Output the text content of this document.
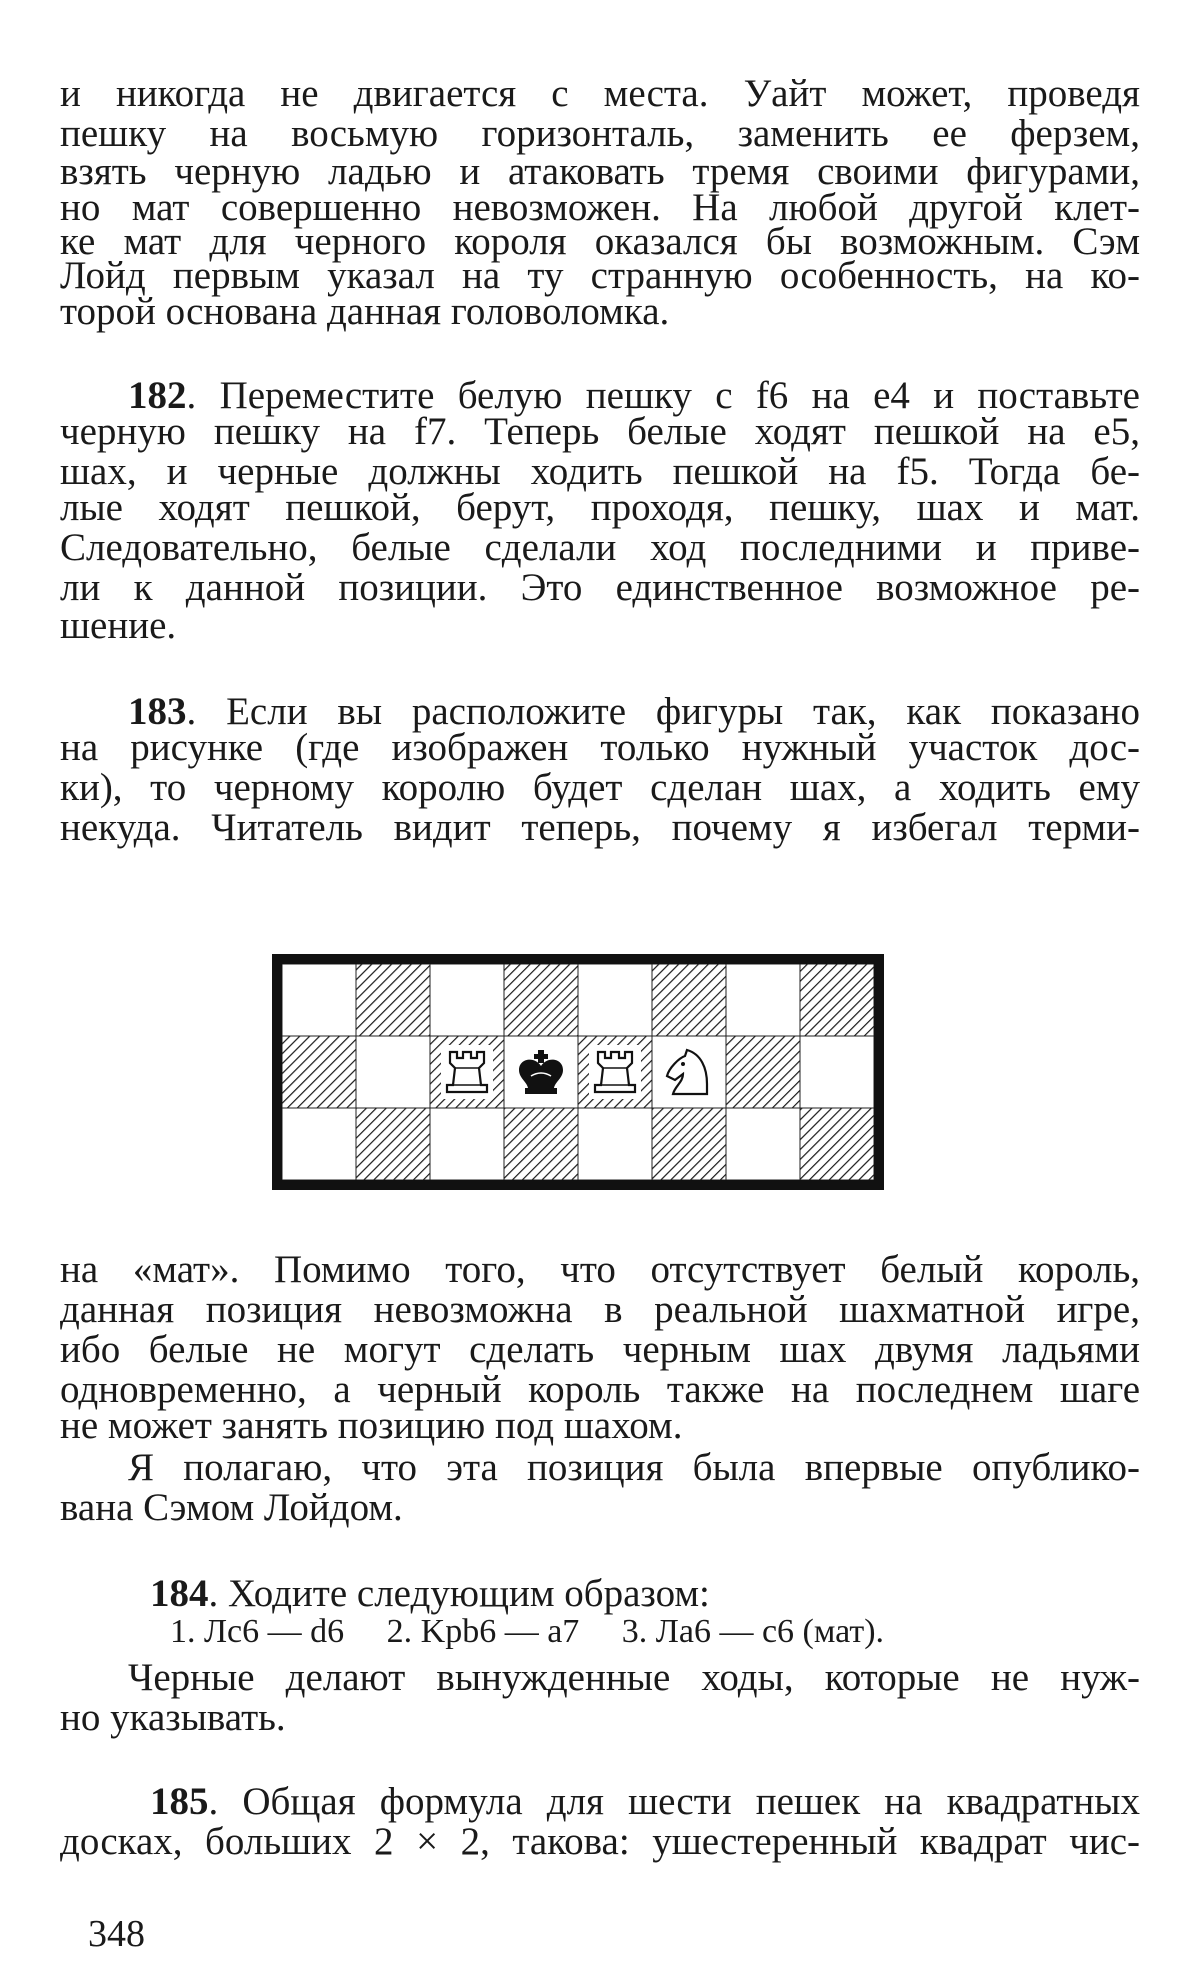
и никогда не двигается с места. Уайт может, проведя
пешку на восьмую горизонталь, заменить ее ферзем,
взять черную ладью и атаковать тремя своими фигурами,
но мат совершенно невозможен. На любой другой клет-
ке мат для черного короля оказался бы возможным. Сэм
Лойд первым указал на ту странную особенность, на ко-
торой основана данная головоломка.
182. Переместите белую пешку с f6 на e4 и поставьте
черную пешку на f7. Теперь белые ходят пешкой на e5,
шах, и черные должны ходить пешкой на f5. Тогда бе-
лые ходят пешкой, берут, проходя, пешку, шах и мат.
Следовательно, белые сделали ход последними и приве-
ли к данной позиции. Это единственное возможное ре-
шение.
183. Если вы расположите фигуры так, как показано
на рисунке (где изображен только нужный участок дос-
ки), то черному королю будет сделан шах, а ходить ему
некуда. Читатель видит теперь, почему я избегал терми-
на «мат». Помимо того, что отсутствует белый король,
данная позиция невозможна в реальной шахматной игре,
ибо белые не могут сделать черным шах двумя ладьями
одновременно, а черный король также на последнем шаге
не может занять позицию под шахом.
Я полагаю, что эта позиция была впервые опублико-
вана Сэмом Лойдом.
184. Ходите следующим образом:
1. Лc6 — d6     2. Kpb6 — a7     3. Лa6 — c6 (мат).
Черные делают вынужденные ходы, которые не нуж-
но указывать.
185. Общая формула для шести пешек на квадратных
досках, больших 2 × 2, такова: ушестеренный квадрат чис-
348
